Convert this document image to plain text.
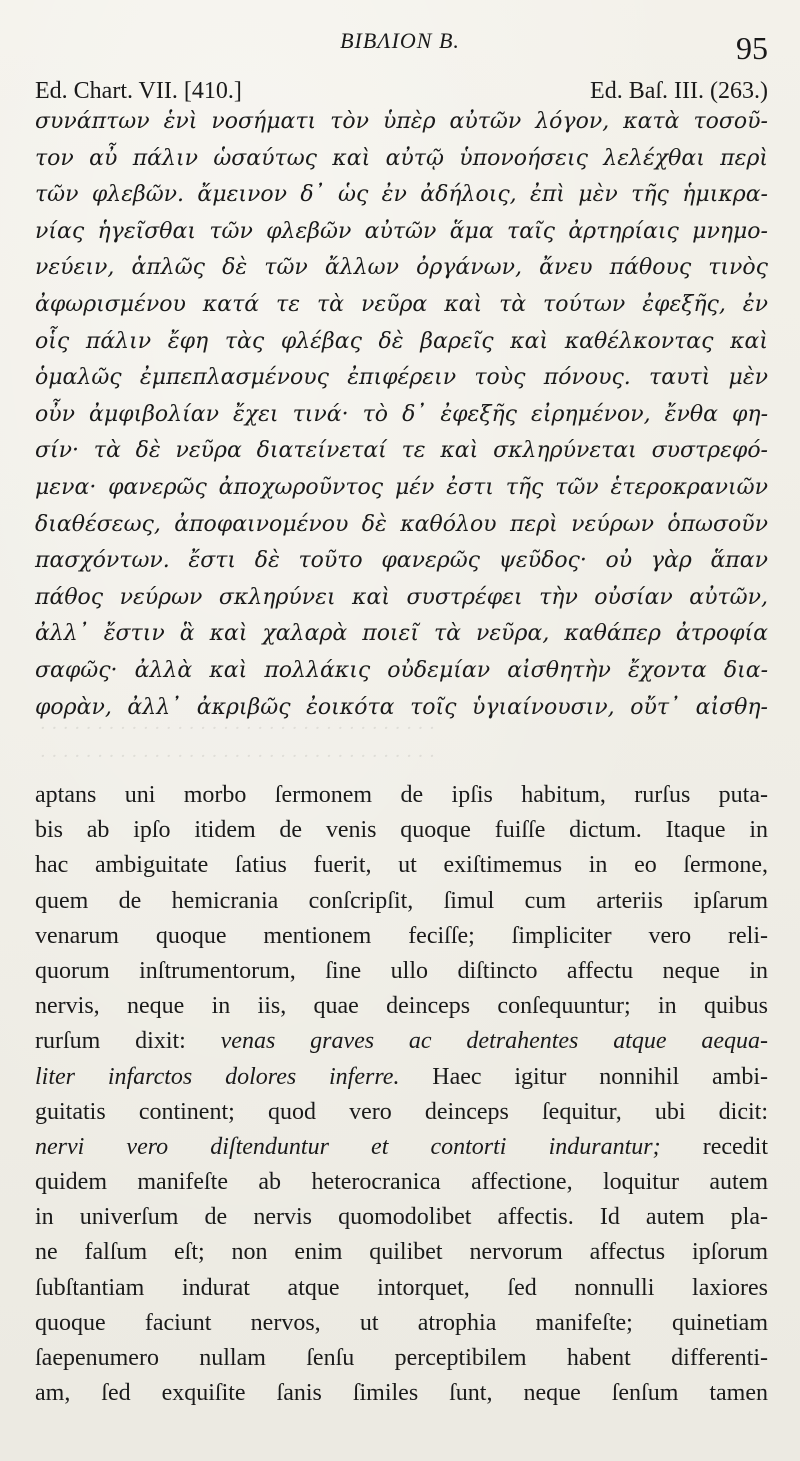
BIBΛION B.	95
Ed. Chart. VII. [410.]	Ed. Baſ. III. (263.)
· · · · · · · · · · · · · · · · · · · · · · · · · · · · · · · · · · ·
· · · · · · · · · · · · · · · · · · · · · · · · · · · · · · · · · · ·
συνάπτων ἑνὶ νοσήματι τὸν ὑπὲρ αὐτῶν λόγον, κατὰ τοσοῦ-
τον αὖ πάλιν ὡσαύτως καὶ αὐτῷ ὑπονοήσεις λελέχθαι περὶ
τῶν φλεβῶν. ἄμεινον δ᾽ ὡς ἐν ἀδήλοις, ἐπὶ μὲν τῆς ἡμικρα-
νίας ἡγεῖσθαι τῶν φλεβῶν αὐτῶν ἅμα ταῖς ἀρτηρίαις μνημο-
νεύειν, ἁπλῶς δὲ τῶν ἄλλων ὀργάνων, ἄνευ πάθους τινὸς
ἀφωρισμένου κατά τε τὰ νεῦρα καὶ τὰ τούτων ἐφεξῆς, ἐν
οἷς πάλιν ἔφη τὰς φλέβας δὲ βαρεῖς καὶ καθέλκοντας καὶ
ὁμαλῶς ἐμπεπλασμένους ἐπιφέρειν τοὺς πόνους. ταυτὶ μὲν
οὖν ἀμφιβολίαν ἔχει τινά· τὸ δ᾽ ἐφεξῆς εἰρημένον, ἔνθα φη-
σίν· τὰ δὲ νεῦρα διατείνεταί τε καὶ σκληρύνεται συστρεφό-
μενα· φανερῶς ἀποχωροῦντος μέν ἐστι τῆς τῶν ἑτεροκρανιῶν
διαθέσεως, ἀποφαινομένου δὲ καθόλου περὶ νεύρων ὁπωσοῦν
πασχόντων. ἔστι δὲ τοῦτο φανερῶς ψεῦδος· οὐ γὰρ ἅπαν
πάθος νεύρων σκληρύνει καὶ συστρέφει τὴν οὐσίαν αὐτῶν,
ἀλλ᾽ ἔστιν ἃ καὶ χαλαρὰ ποιεῖ τὰ νεῦρα, καθάπερ ἀτροφία
σαφῶς· ἀλλὰ καὶ πολλάκις οὐδεμίαν αἰσθητὴν ἔχοντα δια-
φορὰν, ἀλλ᾽ ἀκριβῶς ἐοικότα τοῖς ὑγιαίνουσιν, οὔτ᾽ αἰσθη-
aptans uni morbo ſermonem de ipſis habitum, rurſus puta-
bis ab ipſo itidem de venis quoque fuiſſe dictum. Itaque in
hac ambiguitate ſatius fuerit, ut exiſtimemus in eo ſermone,
quem de hemicrania conſcripſit, ſimul cum arteriis ipſarum
venarum quoque mentionem feciſſe; ſimpliciter vero reli-
quorum inſtrumentorum, ſine ullo diſtincto affectu neque in
nervis, neque in iis, quae deinceps conſequuntur; in quibus
rurſum dixit: venas graves ac detrahentes atque aequa-
liter infarctos dolores inferre. Haec igitur nonnihil ambi-
guitatis continent; quod vero deinceps ſequitur, ubi dicit:
nervi vero diſtenduntur et contorti indurantur; recedit
quidem manifeſte ab heterocranica affectione, loquitur autem
in univerſum de nervis quomodolibet affectis. Id autem pla-
ne falſum eſt; non enim quilibet nervorum affectus ipſorum
ſubſtantiam indurat atque intorquet, ſed nonnulli laxiores
quoque faciunt nervos, ut atrophia manifeſte; quinetiam
ſaepenumero nullam ſenſu perceptibilem habent differenti-
am, ſed exquiſite ſanis ſimiles ſunt, neque ſenſum tamen
